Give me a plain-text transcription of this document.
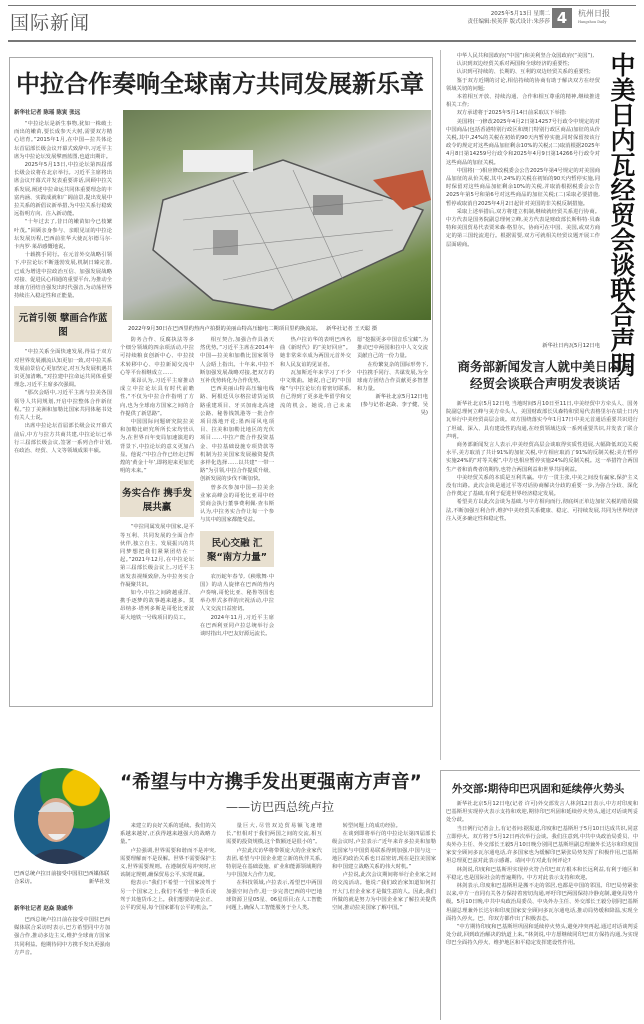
国际新闻	2025年5月13日 星期二
责任编辑:侯英萍 版式设计:朱莎莎 4	杭州日报
Hangzhou Daily
中拉合作奏响全球南方共同发展新乐章
新华社记者 陈瑶 陈寅 张远

“中拉论坛是新生事物,犹如一株破土而出的嫩苗,要长成参天大树,需要双方精心培育。”2015年1月,在中国—拉共体论坛首届部长级会议开幕式致辞中,习近平主席为中拉论坛发展擘画蓝图,也道出期许。

2025年5月13日,中拉论坛第四届部长级会议将在北京举行。习近平主席将出席会议开幕式并发表重要讲话,回顾中拉关系发展,阐述中拉命运共同体重要理念的丰富内涵、实践成就和广阔前景,提出发展中拉关系的新倡议新举措,为中拉关系行稳致远指明方向、注入新动能。

“十年过去了,昔日的嫩苗如今已枝繁叶茂。”回顾亲身参与、亲眼见证的中拉论坛发展历程,巴西前驻华大使瓦尔德马尔·卡内罗·莱昂感慨地说。

十载携手同行。在元首外交战略引领下,中拉论坛不断蓬勃发展,机制日臻完善,已成为增进中拉政治互信、加强发展战略对接、促进民心相通的重要平台,为推动全球南方团结自强发出时代强音,为动荡世界持续注入稳定性和正能量。

元首引领 擘画合作蓝图

“中拉关系全面快速发展,得益于双方对世界发展潮流认知更加一致,对中拉关系发展前景信心更加坚定,对互为发展机遇共识更加清晰。”对拉建中拉命运共同体重要理念,习近平主席多次强调。

“那次会晤中,习近平主席与拉美各国领导人共同规划,开启中拉整体合作新征程。”拉丁美洲和加勒比国家共同体秘书处有关人士说。

出席中拉论坛首届部长级会议开幕式前后,中方与拉方共商共建,中拉论坛已举行三届部长级会议,签署一系列合作计划,在政治、经贸、人文等领域成果丰硕。

2022年9月30日在巴西里约热内卢拍摄的美丽山特高压输电二期项目里约换流站。 新华社记者 王天聪 摄

防务合作、反腐执法等多个细分领域的四余项活动,中拉可持续粮食创新中心、中拉技术转移中心、中拉新闻交流中心等平台相继成立……

莱昂认为,习近平主席推动成立中拉论坛具有时代前瞻性,“不仅为中拉合作指明了方向,也为全球南方国家之间的合作提供了新思路”。

中国国际问题研究院拉美和加勒比研究所所长宋均营认为,在世界百年变局加速演进的背景下,中拉论坛的意义更加凸显。他说:“中拉合作已经走过辉煌的‘黄金十年’,即将迎来更加光明的未来。”

务实合作 携手发展共赢

“中拉同属发展中国家,是平等互利、共同发展的全面合作伙伴,独立自主、发展振兴的共同梦想把我们紧紧团结在一起。”2021年12月,在中拉论坛第三届部长级会议上,习近平主席发表视频致辞,为中拉务实合作凝聚共识。

如今,中拉之间跨越重洋、携手逐梦的故事越来越多。莫昂纳多·塔列多斯是哥伦比亚波哥大地铁一号线项目的员工。

相互契合,加强合作具备天然优势。”习近平主席在2014年中国—拉美和加勒比国家领导人会晤上指出。十年来,中拉不断加强发展战略对接,把双方的互补优势转化为合作优势。

巴西美丽山特高压输电线路、阿根廷贝尔格拉诺货运铁路重建项目、牙买加南北高速公路、秘鲁钱凯港等一批合作项目落地开花;墨西哥风电项目、拉美和加勒比地区的光伏项目……中拉产能合作投资基金、中拉基础设施专项贷款等机制为拉美国家发展融资提供多样化选择……以共建“一带一路”为引领,中拉合作提质升级、创新发展的步伐不断加快。

曾多次参加中国—拉美企业家高峰会的哥伦比亚哥中经贸商会执行董事费利佩·查韦斯认为,中拉务实合作让每一个参与其中的国家都能受益。

民心交融 汇聚“南方力量”

农历蛇年春节,《秧歌舞·中国》的动人旋律在巴西的热内卢奏响,哥伦比亚、秘鲁等国也举办形式多样的庆祝活动,中拉人文交流日益密切。

2024年11月,习近平主席在巴西利亚同卢拉总统举行会谈时指出,中巴友好源远流长。

热卢拉访华的表明巴西名曲《新时代》的“美好回应”。她非常荣幸成为两国元首外交和人民友谊的见证者。

瓦加斯近年来学习了不少中文歌曲。她说,自己的“中国缘”与中拉论坛有着密切联系,自己得到了更多赴华留学和交流的机会。她说,自己未来愿“挖掘更多中国音乐宝藏”,为推动巴中两国和拉中人文交流贡献自己的一份力量。

在纷繁复杂的国际形势下,中拉携手同行、共谋发展,为全球南方团结合作贡献更多智慧和力量。

新华社北京5月12日电
(参与记者:赵焱、李子健、吴昊)

中华人民共和国政府(“中国”)和美利坚合众国政府(“美国”),

认识到双边经贸关系对两国和全球经济的重要性;

认识到可持续的、长期的、互利的双边经贸关系的重要性;

鉴于双方近期的讨论,相信持续的协商有助于解决双方在经贸领域关切的问题;

本着相互开放、持续沟通、合作和相互尊重的精神,继续推进相关工作;

双方承诺将于2025年5月14日前采取以下举措:

美国将(一)修改2025年4月2日第14257号行政令中规定的对中国商品(包括香港特别行政区和澳门特别行政区商品)加征的从价关税,其中,24%的关税在初始的90天内暂停实施,同时保留按该行政令的规定对这些商品加征剩余10%的关税;(二)取消根据2025年4月8日第14259号行政令和2025年4月9日第14266号行政令对这些商品的加征关税。

中国将(一)相应修改税委会公告2025年第4号规定的对美国商品加征的从价关税,其中,24%的关税在初始的90天内暂停实施,同时保留对这些商品加征剩余10%的关税,并取消根据税委会公告2025年第5号和第6号对这些商品的加征关税;(二)采取必要措施,暂停或取消自2025年4月2日起针对美国的非关税反制措施。

采取上述举措后,双方将建立机制,继续就经贸关系进行协商。中方代表是国务院副总理何立峰,美方代表是财政部长斯科特·贝森特和美国贸易代表贾米森·格里尔。协商可在中国、美国,或双方商定的第三国轮流进行。根据需要,双方可就相关经贸议题开展工作层面磋商。	中美日内瓦经贸会谈联合声明
新华社日内瓦5月12日电
商务部新闻发言人就中美日内瓦
经贸会谈联合声明发表谈话

新华社北京5月12日电 当地时间5月10日至11日,中美经贸中方牵头人、国务院副总理何立峰与美方牵头人、美国财政部长贝森特和贸易代表格里尔在瑞士日内瓦举行中美经贸高层会谈。双方围绕落实今年1月17日中美元首通话重要共识进行了坦诚、深入、具有建设性的沟通,在经贸领域达成一系列重要共识,并发表了联合声明。

商务部新闻发言人表示,中美经贸高层会谈取得实质性进展,大幅降低双边关税水平,美方取消了共计91%的加征关税,中方相应取消了91%的反制关税;美方暂停实施24%的“对等关税”,中方也相应暂停实施24%的反制关税。这一举措符合两国生产者和消费者的期待,也符合两国利益和世界共同利益。

中美经贸关系的本质是互利共赢。中方一贯主张,中美之间没有赢家,保护主义没有出路。此次会谈是通过平等对话协商解决分歧的重要一步,为弥合分歧、深化合作奠定了基础,有利于促进世界经济稳定发展。

希望美方以此次会谈为基础,与中方相向而行,彻底纠正单边加征关税的错误做法,不断加强互利合作,维护中美经贸关系健康、稳定、可持续发展,共同为世界经济注入更多确定性和稳定性。

外交部:期待印巴巩固和延续停火势头

新华社北京5月12日电(记者 许可)外交部发言人林剑12日表示,中方对印度和巴基斯坦实现停火表示支持和欢迎,期待印巴巩固和延续停火势头,通过对话谈判妥处分歧。

当日例行记者会上,有记者问:据报道,印度和巴基斯坦于5月10日达成共识,同意立即停火。双方将于5月12日再次举行会谈。我们注意到,中共中央政治局委员、中央外办主任、外交部长王毅5月10日晚分别同巴基斯坦副总理兼外长达尔和印度国家安全顾问多瓦尔通电话,许多国家也为缓解印巴紧张局势发挥了积极作用,巴基斯坦总理夏巴兹对此表示感谢。请问中方对此有何评论?

林剑说,印度和巴基斯坦实现停火符合印巴双方根本和长远利益,有利于地区和平稳定,也是国际社会的普遍期待。中方对此表示支持和欢迎。

林剑表示,印度和巴基斯坦是搬不走的邻居,也都是中国的邻国。印巴局势紧张以来,中方一直同有关各方保持着密切沟通,呼吁印巴两国保持冷静克制,避免局势升级。5月10日晚,中共中央政治局委员、中央外办主任、外交部长王毅分别同巴基斯坦副总理兼外长达尔和印度国家安全顾问多瓦尔通电话,推动局势缓和降温,实现全面持久停火。巴、印双方都作出了积极表态。

“中方期待印度和巴基斯坦巩固和延续停火势头,避免冲突再起,通过对话谈判妥处分歧,回到政治解决的轨道上来。”林剑说,中方愿继续同印巴双方保持沟通,为实现印巴全面持久停火、维护地区和平稳定发挥建设性作用。

巴西总统卢拉日前接受中国驻巴西媒体联合采访。	新华社发
新华社记者 赵焱 陈威华

巴西总统卢拉日前在接受中国驻巴西媒体联合采访时表示,巴方希望同中方加强合作,推动多边主义,维护全球南方国家共同利益。他期待同中方携手发出更强南方声音。

“希望与中方携手发出更强南方声音”
——访巴西总统卢拉

来建立的良好关系的延续。我们的关系越来越好,正获得越来越强大的战略力量。”

卢拉强调,世界需要和谐而不是冲突,需要理解而不是误解。世界不需要保护主义,世界需要规则。在遵制贸易冲突时,应该制定规则,确保贸易公平,实现双赢。

他表示:“我们不希望一个国家凌驾于另一个国家之上,我们不希望一种货币凌驾于其他货币之上。我们想要的是公正、公平的贸易,每个国家都有公平的机会。”

量巨大,尽管双边贸易额飞速增长,“但相对于我们两国之间的交流,相互需要的投资规模,这个数额还是很小的”。

卢拉此次访华将带领庞大的企业家代表团,希望与中国企业建立新的伙伴关系,特别是在基础设施、矿业和能源领域期待与中国加大合作力度。

在科技领域,卢拉表示,希望巴中两国加强空间合作,进一步完善巴西的中巴地球资源卫星05星、06星项目;在人工智能问题上,确保人工智能服务于全人类。

转型问题上的成功经验。

在谈到即将举行的中拉论坛第四届部长级会议时,卢拉表示:“近年来许多拉美和加勒比国家与中国贸易联系得到加强,中国与这一地区的政治关系也日益密切,现在是拉美国家和中国建立战略关系的伟大时机。”

卢拉说,此次会议期间将举行企业家之间的交流活动。他说:“我们政治家知道如何打开大门,但企业家才是做生意的人。因此,我们所做的就是努力为中国企业家了解拉美提供空间,推动拉美国家了解中国。”
